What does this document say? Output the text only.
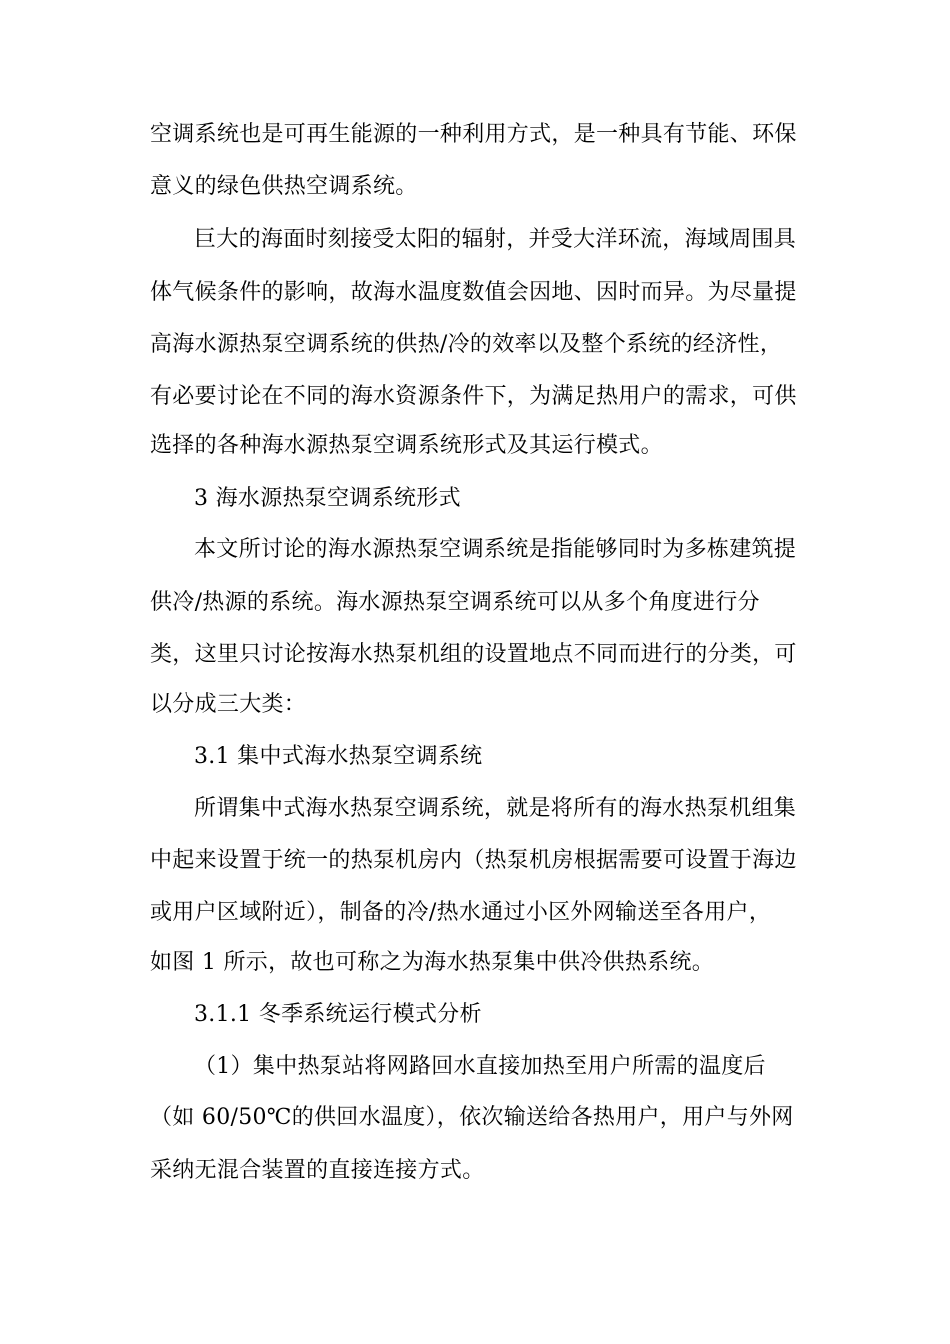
空调系统也是可再生能源的一种利用方式，是一种具有节能、环保
意义的绿色供热空调系统。
巨大的海面时刻接受太阳的辐射，并受大洋环流，海域周围具
体气候条件的影响，故海水温度数值会因地、因时而异。为尽量提
高海水源热泵空调系统的供热/冷的效率以及整个系统的经济性，
有必要讨论在不同的海水资源条件下，为满足热用户的需求，可供
选择的各种海水源热泵空调系统形式及其运行模式。
3 海水源热泵空调系统形式
本文所讨论的海水源热泵空调系统是指能够同时为多栋建筑提
供冷/热源的系统。海水源热泵空调系统可以从多个角度进行分
类，这里只讨论按海水热泵机组的设置地点不同而进行的分类，可
以分成三大类：
3.1 集中式海水热泵空调系统
所谓集中式海水热泵空调系统，就是将所有的海水热泵机组集
中起来设置于统一的热泵机房内（热泵机房根据需要可设置于海边
或用户区域附近），制备的冷/热水通过小区外网输送至各用户，
如图 1 所示，故也可称之为海水热泵集中供冷供热系统。
3.1.1 冬季系统运行模式分析
（1）集中热泵站将网路回水直接加热至用户所需的温度后
（如 60/50℃的供回水温度），依次输送给各热用户，用户与外网
采纳无混合装置的直接连接方式。
